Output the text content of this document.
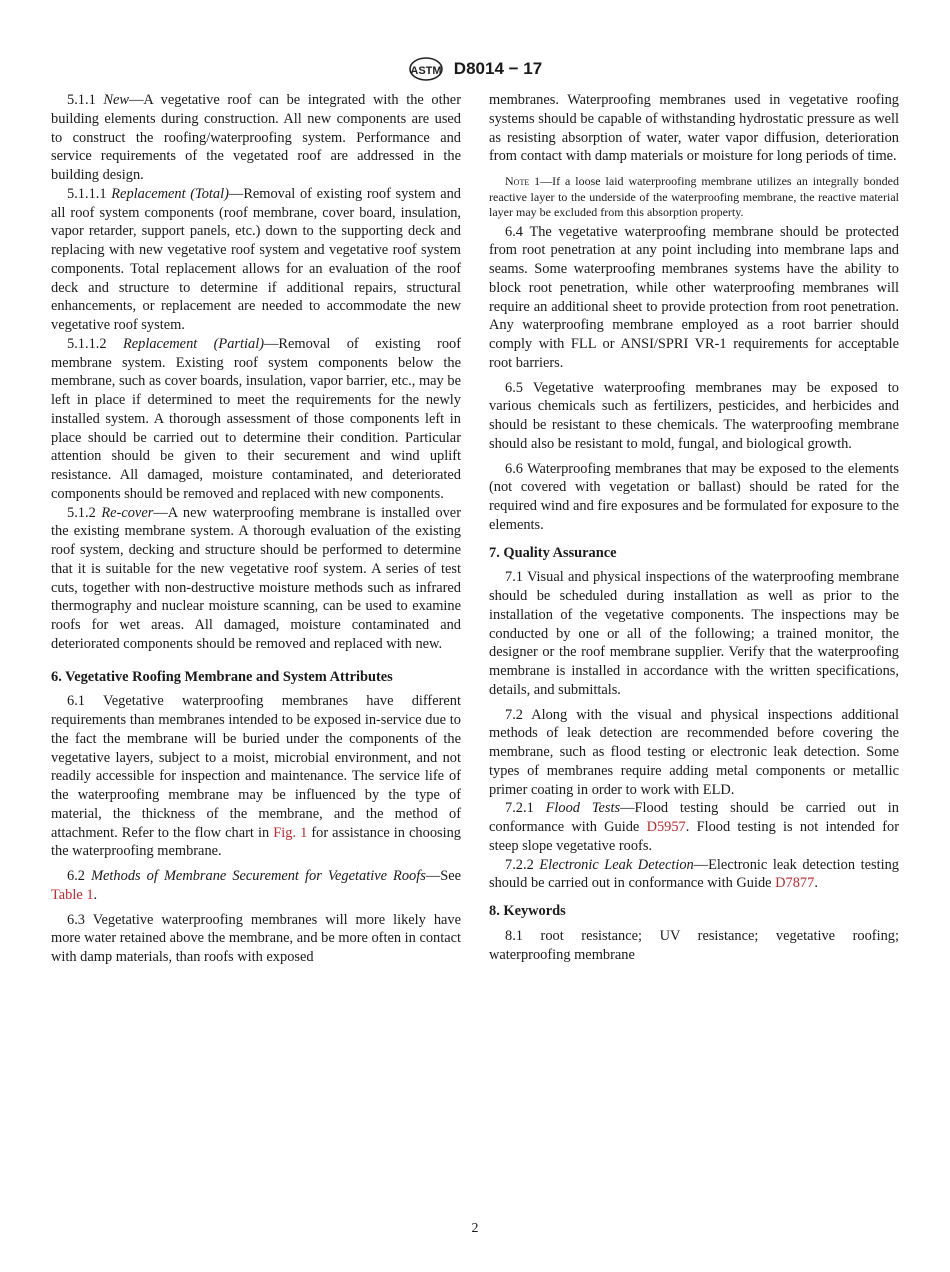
ASTM D8014 − 17

5.1.1 New—A vegetative roof can be integrated with the other building elements during construction. All new components are used to construct the roofing/waterproofing system. Performance and service requirements of the vegetated roof are addressed in the building design.

5.1.1.1 Replacement (Total)—Removal of existing roof system and all roof system components (roof membrane, cover board, insulation, vapor retarder, support panels, etc.) down to the supporting deck and replacing with new vegetative roof system and vegetative roof system components. Total replacement allows for an evaluation of the roof deck and structure to determine if additional repairs, structural enhancements, or replacement are needed to accommodate the new vegetative roof system.

5.1.1.2 Replacement (Partial)—Removal of existing roof membrane system. Existing roof system components below the membrane, such as cover boards, insulation, vapor barrier, etc., may be left in place if determined to meet the requirements for the newly installed system. A thorough assessment of those components left in place should be carried out to determine their condition. Particular attention should be given to their securement and wind uplift resistance. All damaged, moisture contaminated, and deteriorated components should be removed and replaced with new components.

5.1.2 Re-cover—A new waterproofing membrane is installed over the existing membrane system. A thorough evaluation of the existing roof system, decking and structure should be performed to determine that it is suitable for the new vegetative roof system. A series of test cuts, together with non-destructive moisture methods such as infrared thermography and nuclear moisture scanning, can be used to examine roofs for wet areas. All damaged, moisture contaminated and deteriorated components should be removed and replaced with new.

6. Vegetative Roofing Membrane and System Attributes

6.1 Vegetative waterproofing membranes have different requirements than membranes intended to be exposed in-service due to the fact the membrane will be buried under the components of the vegetative layers, subject to a moist, microbial environment, and not readily accessible for inspection and maintenance. The service life of the waterproofing membrane may be influenced by the type of material, the thickness of the membrane, and the method of attachment. Refer to the flow chart in Fig. 1 for assistance in choosing the waterproofing membrane.

6.2 Methods of Membrane Securement for Vegetative Roofs—See Table 1.

6.3 Vegetative waterproofing membranes will more likely have more water retained above the membrane, and be more often in contact with damp materials, than roofs with exposed

membranes. Waterproofing membranes used in vegetative roofing systems should be capable of withstanding hydrostatic pressure as well as resisting absorption of water, water vapor diffusion, deterioration from contact with damp materials or moisture for long periods of time.

Note 1—If a loose laid waterproofing membrane utilizes an integrally bonded reactive layer to the underside of the waterproofing membrane, the reactive material layer may be excluded from this absorption property.

6.4 The vegetative waterproofing membrane should be protected from root penetration at any point including into membrane laps and seams. Some waterproofing membranes systems have the ability to block root penetration, while other waterproofing membranes will require an additional sheet to provide protection from root penetration. Any waterproofing membrane employed as a root barrier should comply with FLL or ANSI/SPRI VR-1 requirements for acceptable root barriers.

6.5 Vegetative waterproofing membranes may be exposed to various chemicals such as fertilizers, pesticides, and herbicides and should be resistant to these chemicals. The waterproofing membrane should also be resistant to mold, fungal, and biological growth.

6.6 Waterproofing membranes that may be exposed to the elements (not covered with vegetation or ballast) should be rated for the required wind and fire exposures and be formulated for exposure to the elements.

7. Quality Assurance

7.1 Visual and physical inspections of the waterproofing membrane should be scheduled during installation as well as prior to the installation of the vegetative components. The inspections may be conducted by one or all of the following; a trained monitor, the designer or the roof membrane supplier. Verify that the waterproofing membrane is installed in accordance with the written specifications, details, and submittals.

7.2 Along with the visual and physical inspections additional methods of leak detection are recommended before covering the membrane, such as flood testing or electronic leak detection. Some types of membranes require adding metal components or metallic primer coating in order to work with ELD.

7.2.1 Flood Tests—Flood testing should be carried out in conformance with Guide D5957. Flood testing is not intended for steep slope vegetative roofs.

7.2.2 Electronic Leak Detection—Electronic leak detection testing should be carried out in conformance with Guide D7877.

8. Keywords

8.1 root resistance; UV resistance; vegetative roofing; waterproofing membrane

2
